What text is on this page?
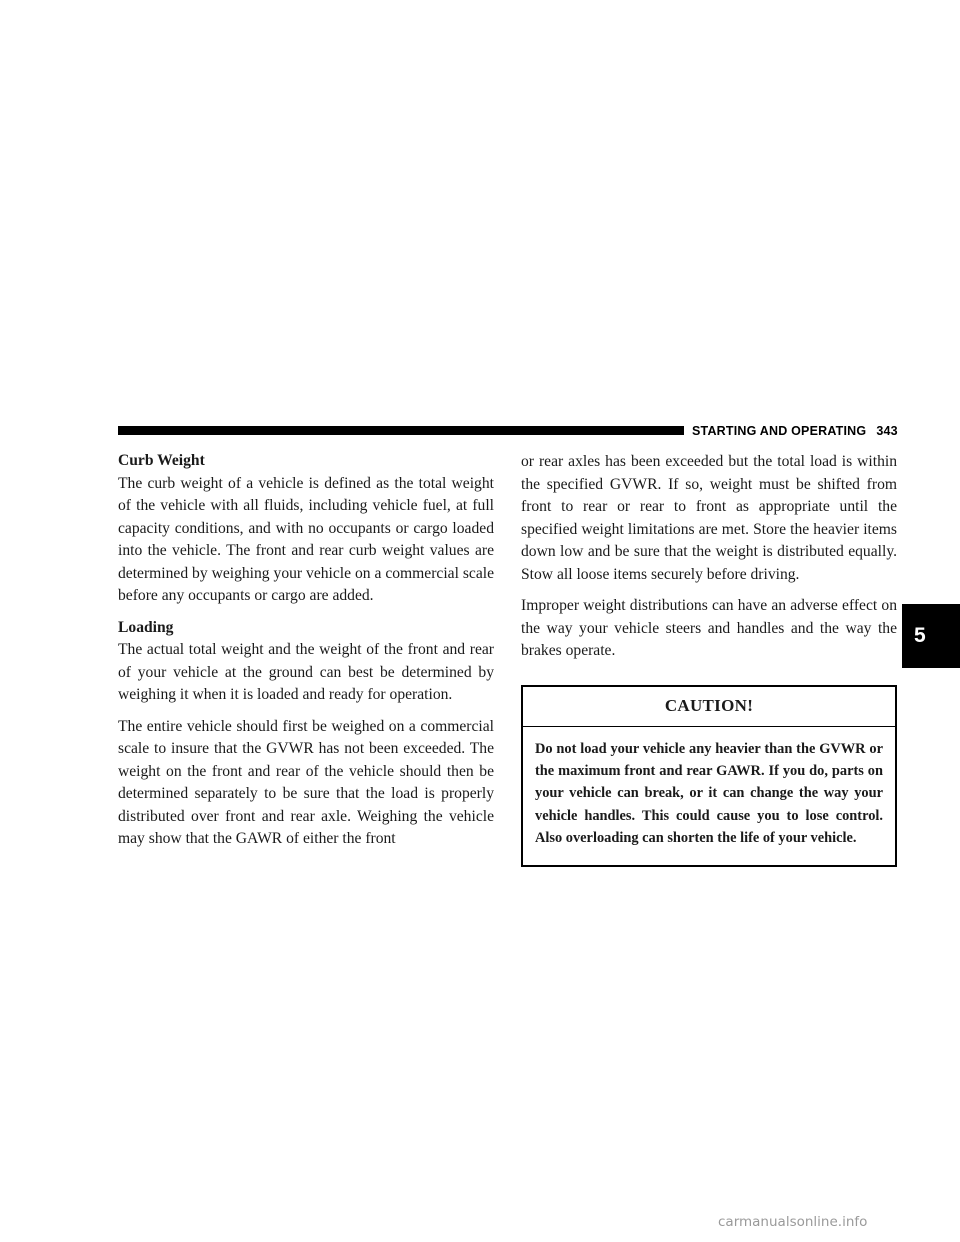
STARTING AND OPERATING 343
5
Curb Weight

The curb weight of a vehicle is defined as the total weight of the vehicle with all fluids, including vehicle fuel, at full capacity conditions, and with no occupants or cargo loaded into the vehicle. The front and rear curb weight values are determined by weighing your vehicle on a commercial scale before any occupants or cargo are added.

Loading

The actual total weight and the weight of the front and rear of your vehicle at the ground can best be determined by weighing it when it is loaded and ready for operation.

The entire vehicle should first be weighed on a commercial scale to insure that the GVWR has not been exceeded. The weight on the front and rear of the vehicle should then be determined separately to be sure that the load is properly distributed over front and rear axle. Weighing the vehicle may show that the GAWR of either the front

or rear axles has been exceeded but the total load is within the specified GVWR. If so, weight must be shifted from front to rear or rear to front as appropriate until the specified weight limitations are met. Store the heavier items down low and be sure that the weight is distributed equally. Stow all loose items securely before driving.

Improper weight distributions can have an adverse effect on the way your vehicle steers and handles and the way the brakes operate.

CAUTION!
Do not load your vehicle any heavier than the GVWR or the maximum front and rear GAWR. If you do, parts on your vehicle can break, or it can change the way your vehicle handles. This could cause you to lose control. Also overloading can shorten the life of your vehicle.
carmanualsonline.info
